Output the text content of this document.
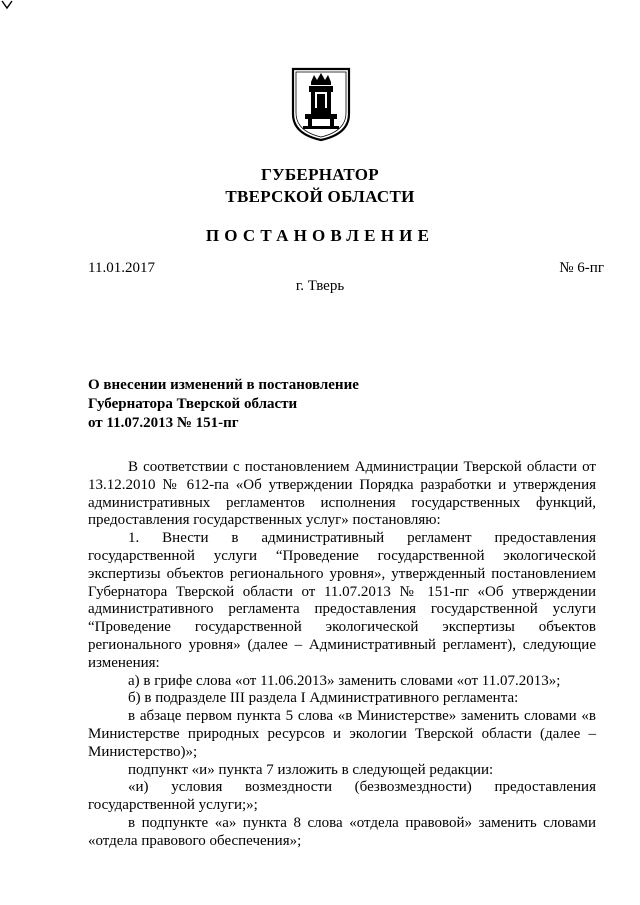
ГУБЕРНАТОР
ТВЕРСКОЙ ОБЛАСТИ
ПОСТАНОВЛЕНИЕ
11.01.2017	№ 6-пг
г. Тверь
О внесении изменений в постановление
Губернатора Тверской области
от 11.07.2013 № 151-пг

В соответствии с постановлением Администрации Тверской области от 13.12.2010 № 612-па «Об утверждении Порядка разработки и утверждения административных регламентов исполнения государственных функций, предоставления государственных услуг» постановляю:

1. Внести в административный регламент предоставления государственной услуги “Проведение государственной экологической экспертизы объектов регионального уровня», утвержденный постановлением Губернатора Тверской области от 11.07.2013 № 151-пг «Об утверждении административного регламента предоставления государственной услуги “Проведение государственной экологической экспертизы объектов регионального уровня» (далее – Административный регламент), следующие изменения:

а) в грифе слова «от 11.06.2013» заменить словами «от 11.07.2013»;

б) в подразделе III раздела I Административного регламента:

в абзаце первом пункта 5 слова «в Министерстве» заменить словами «в Министерстве природных ресурсов и экологии Тверской области (далее – Министерство)»;

подпункт «и» пункта 7 изложить в следующей редакции:

«и) условия возмездности (безвозмездности) предоставления государственной услуги;»;

в подпункте «а» пункта 8 слова «отдела правовой» заменить словами «отдела правового обеспечения»;
